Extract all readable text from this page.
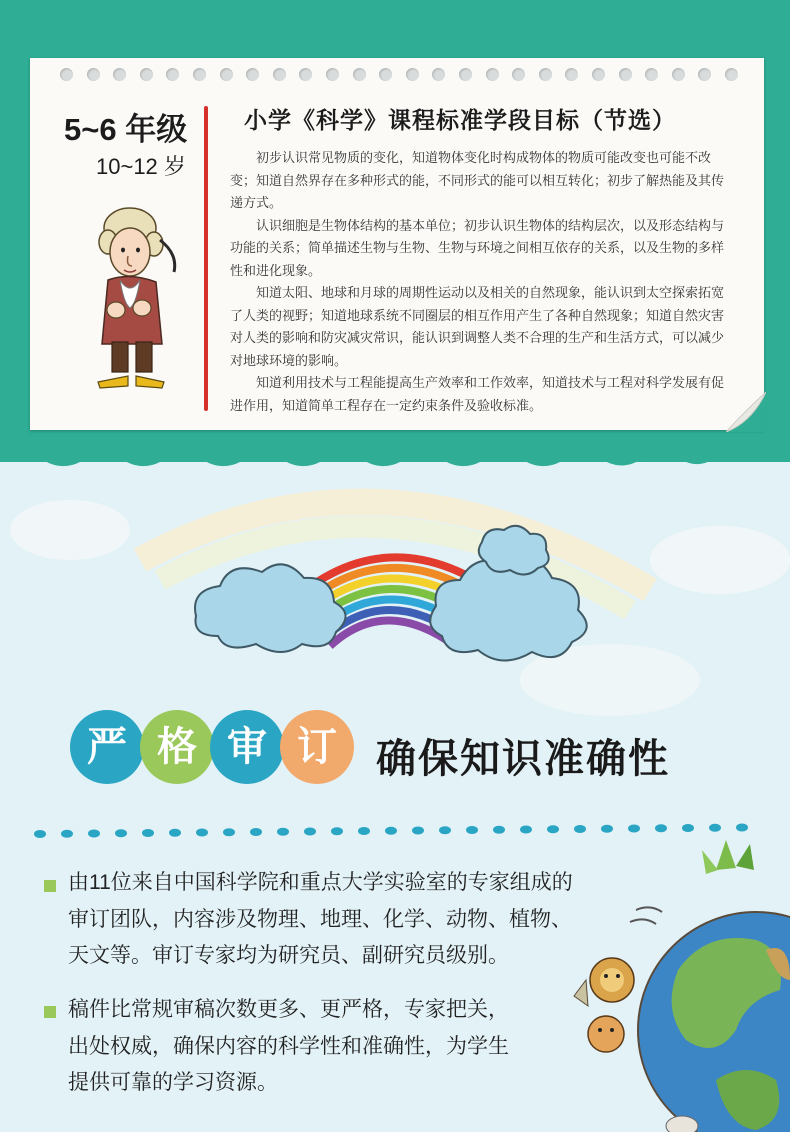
5~6 年级
10~12 岁
小学《科学》课程标准学段目标（节选）

初步认识常见物质的变化，知道物体变化时构成物体的物质可能改变也可能不改变；知道自然界存在多种形式的能，不同形式的能可以相互转化；初步了解热能及其传递方式。

认识细胞是生物体结构的基本单位；初步认识生物体的结构层次，以及形态结构与功能的关系；简单描述生物与生物、生物与环境之间相互依存的关系，以及生物的多样性和进化现象。

知道太阳、地球和月球的周期性运动以及相关的自然现象，能认识到太空探索拓宽了人类的视野；知道地球系统不同圈层的相互作用产生了各种自然现象；知道自然灾害对人类的影响和防灾减灾常识，能认识到调整人类不合理的生产和生活方式，可以减少对地球环境的影响。

知道利用技术与工程能提高生产效率和工作效率，知道技术与工程对科学发展有促进作用，知道简单工程存在一定约束条件及验收标准。

严 格 审 订 确保知识准确性
由11位来自中国科学院和重点大学实验室的专家组成的
审订团队，内容涉及物理、地理、化学、动物、植物、
天文等。审订专家均为研究员、副研究员级别。
稿件比常规审稿次数更多、更严格，专家把关，
出处权威，确保内容的科学性和准确性，为学生
提供可靠的学习资源。
